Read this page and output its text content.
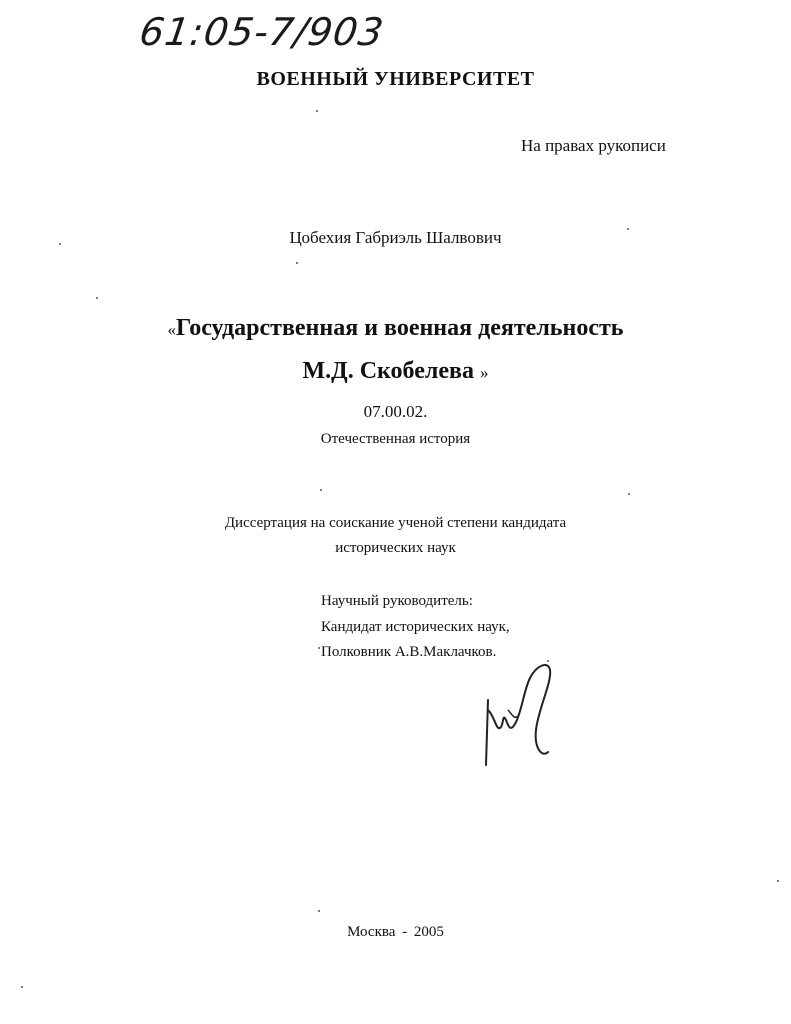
61:05-7/903
ВОЕННЫЙ УНИВЕРСИТЕТ
На правах рукописи
Цобехия Габриэль Шалвович
«Государственная и военная деятельность
М.Д. Скобелева »
07.00.02.
Отечественная история
Диссертация на соискание ученой степени кандидата
исторических наук
Научный руководитель:
Кандидат исторических наук,
Полковник А.В.Маклачков.
Москва - 2005
